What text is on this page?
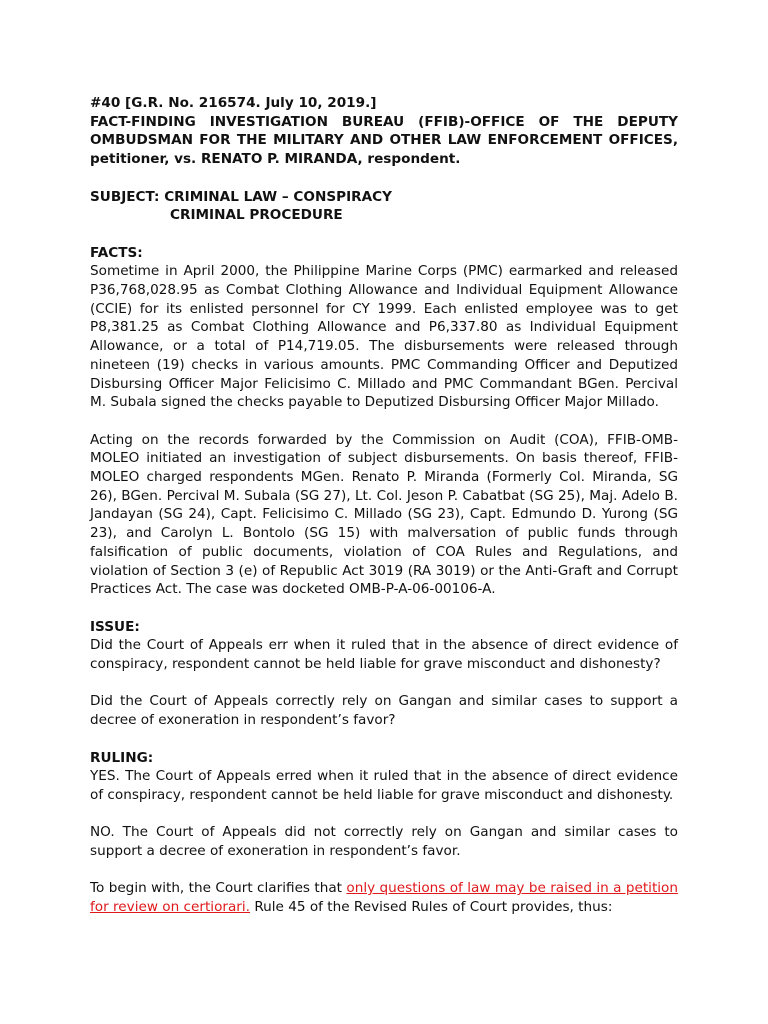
#40 [G.R. No. 216574. July 10, 2019.]

FACT-FINDING INVESTIGATION BUREAU (FFIB)-OFFICE OF THE DEPUTY OMBUDSMAN FOR THE MILITARY AND OTHER LAW ENFORCEMENT OFFICES, petitioner, vs. RENATO P. MIRANDA, respondent.

SUBJECT: CRIMINAL LAW – CONSPIRACY

CRIMINAL PROCEDURE

FACTS:

Sometime in April 2000, the Philippine Marine Corps (PMC) earmarked and released P36,768,028.95 as Combat Clothing Allowance and Individual Equipment Allowance (CCIE) for its enlisted personnel for CY 1999. Each enlisted employee was to get P8,381.25 as Combat Clothing Allowance and P6,337.80 as Individual Equipment Allowance, or a total of P14,719.05. The disbursements were released through nineteen (19) checks in various amounts. PMC Commanding Officer and Deputized Disbursing Officer Major Felicisimo C. Millado and PMC Commandant BGen. Percival M. Subala signed the checks payable to Deputized Disbursing Officer Major Millado.

Acting on the records forwarded by the Commission on Audit (COA), FFIB-OMB-MOLEO initiated an investigation of subject disbursements. On basis thereof, FFIB-MOLEO charged respondents MGen. Renato P. Miranda (Formerly Col. Miranda, SG 26), BGen. Percival M. Subala (SG 27), Lt. Col. Jeson P. Cabatbat (SG 25), Maj. Adelo B. Jandayan (SG 24), Capt. Felicisimo C. Millado (SG 23), Capt. Edmundo D. Yurong (SG 23), and Carolyn L. Bontolo (SG 15) with malversation of public funds through falsification of public documents, violation of COA Rules and Regulations, and violation of Section 3 (e) of Republic Act 3019 (RA 3019) or the Anti-Graft and Corrupt Practices Act. The case was docketed OMB-P-A-06-00106-A.

ISSUE:

Did the Court of Appeals err when it ruled that in the absence of direct evidence of conspiracy, respondent cannot be held liable for grave misconduct and dishonesty?

Did the Court of Appeals correctly rely on Gangan and similar cases to support a decree of exoneration in respondent’s favor?

RULING:

YES. The Court of Appeals erred when it ruled that in the absence of direct evidence of conspiracy, respondent cannot be held liable for grave misconduct and dishonesty.

NO. The Court of Appeals did not correctly rely on Gangan and similar cases to support a decree of exoneration in respondent’s favor.

To begin with, the Court clarifies that only questions of law may be raised in a petition for review on certiorari. Rule 45 of the Revised Rules of Court provides, thus:
